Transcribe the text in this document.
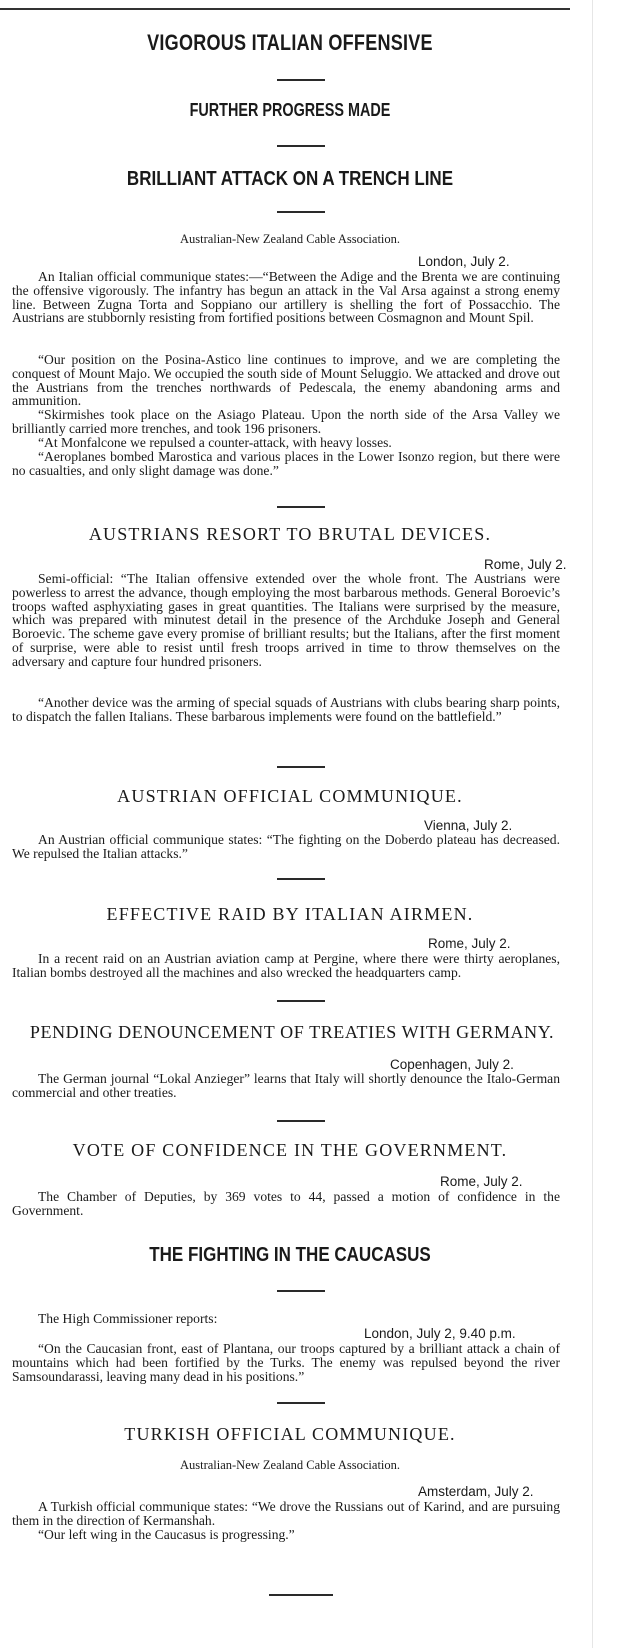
VIGOROUS ITALIAN OFFENSIVE
FURTHER PROGRESS MADE
BRILLIANT ATTACK ON A TRENCH LINE
Australian-New Zealand Cable Association.
London, July 2.

An Italian official communique states:—“Between the Adige and the Brenta we are continuing the offensive vigorously. The infantry has begun an attack in the Val Arsa against a strong enemy line. Between Zugna Torta and Soppiano our artillery is shelling the fort of Possacchio. The Austrians are stubbornly resisting from fortified positions between Cosmagnon and Mount Spil.

“Our position on the Posina-Astico line continues to improve, and we are completing the conquest of Mount Majo. We occupied the south side of Mount Seluggio. We attacked and drove out the Austrians from the trenches northwards of Pedescala, the enemy abandoning arms and ammunition.

“Skirmishes took place on the Asiago Plateau. Upon the north side of the Arsa Valley we brilliantly carried more trenches, and took 196 prisoners.

“At Monfalcone we repulsed a counter-attack, with heavy losses.

“Aeroplanes bombed Marostica and various places in the Lower Isonzo region, but there were no casualties, and only slight damage was done.”

AUSTRIANS RESORT TO BRUTAL DEVICES.
Rome, July 2.

Semi-official: “The Italian offensive extended over the whole front. The Austrians were powerless to arrest the advance, though employing the most barbarous methods. General Boroevic’s troops wafted asphyxiating gases in great quantities. The Italians were surprised by the measure, which was prepared with minutest detail in the presence of the Archduke Joseph and General Boroevic. The scheme gave every promise of brilliant results; but the Italians, after the first moment of surprise, were able to resist until fresh troops arrived in time to throw themselves on the adversary and capture four hundred prisoners.

“Another device was the arming of special squads of Austrians with clubs bearing sharp points, to dispatch the fallen Italians. These barbarous implements were found on the battlefield.”

AUSTRIAN OFFICIAL COMMUNIQUE.
Vienna, July 2.

An Austrian official communique states: “The fighting on the Doberdo plateau has decreased. We repulsed the Italian attacks.”

EFFECTIVE RAID BY ITALIAN AIRMEN.
Rome, July 2.

In a recent raid on an Austrian aviation camp at Pergine, where there were thirty aeroplanes, Italian bombs destroyed all the machines and also wrecked the headquarters camp.

PENDING DENOUNCEMENT OF TREATIES WITH GERMANY.
Copenhagen, July 2.

The German journal “Lokal Anzieger” learns that Italy will shortly denounce the Italo-German commercial and other treaties.

VOTE OF CONFIDENCE IN THE GOVERNMENT.
Rome, July 2.

The Chamber of Deputies, by 369 votes to 44, passed a motion of confidence in the Government.

THE FIGHTING IN THE CAUCASUS

The High Commissioner reports:

London, July 2, 9.40 p.m.

“On the Caucasian front, east of Plantana, our troops captured by a brilliant attack a chain of mountains which had been fortified by the Turks. The enemy was repulsed beyond the river Samsoundarassi, leaving many dead in his positions.”

TURKISH OFFICIAL COMMUNIQUE.
Australian-New Zealand Cable Association.
Amsterdam, July 2.

A Turkish official communique states: “We drove the Russians out of Karind, and are pursuing them in the direction of Kermanshah.

“Our left wing in the Caucasus is progressing.”
